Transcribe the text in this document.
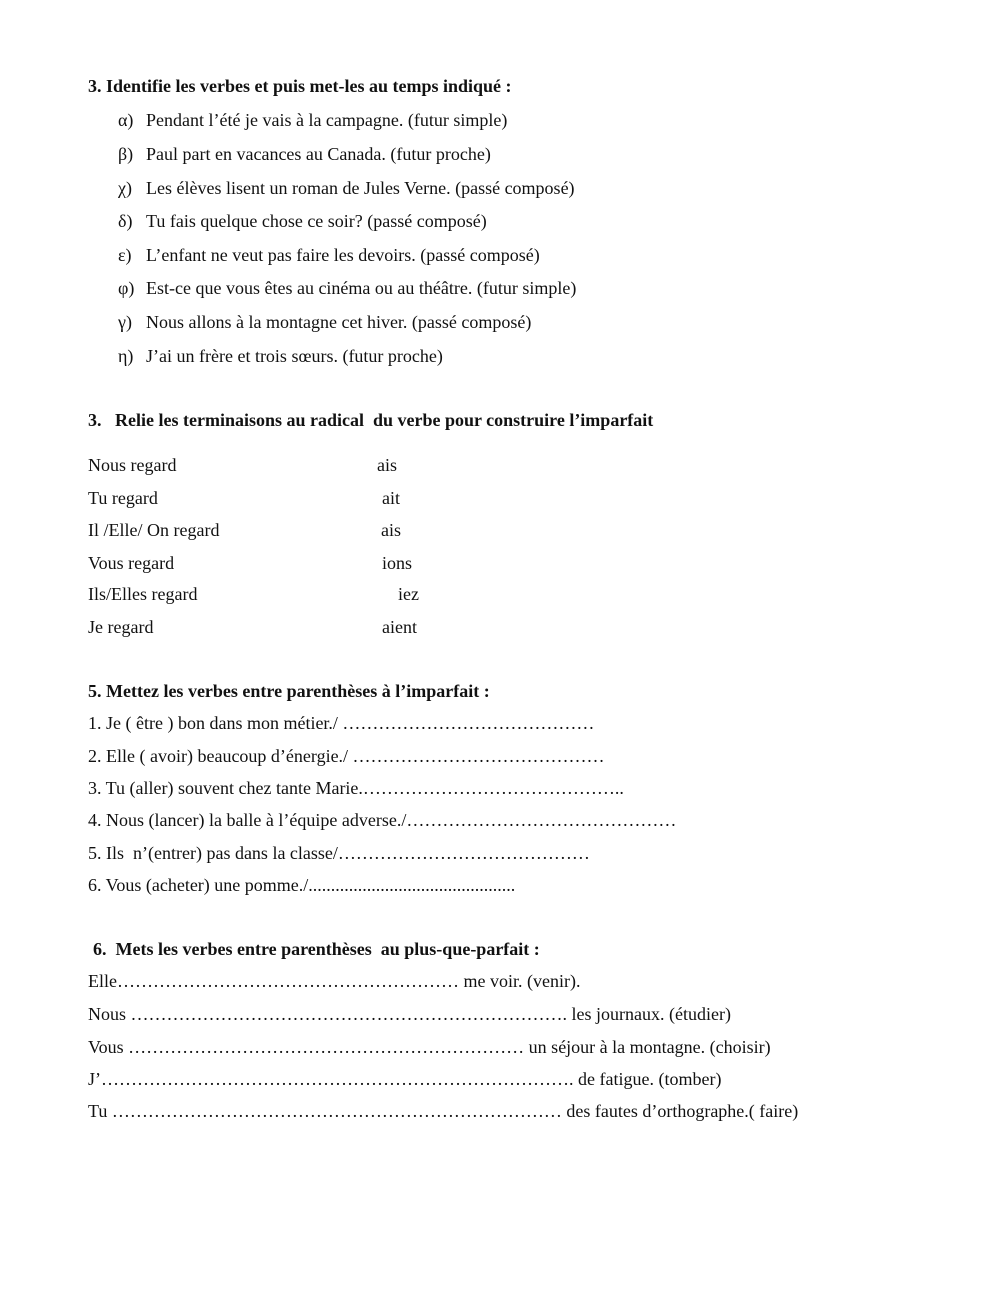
3. Identifie les verbes et puis met-les au temps indiqué :
α) Pendant l’été je vais à la campagne. (futur simple)
β) Paul part en vacances au Canada. (futur proche)
χ) Les élèves lisent un roman de Jules Verne. (passé composé)
δ) Tu fais quelque chose ce soir? (passé composé)
ε) L’enfant ne veut pas faire les devoirs. (passé composé)
φ) Est-ce que vous êtes au cinéma ou au théâtre. (futur simple)
γ) Nous allons à la montagne cet hiver. (passé composé)
η) J’ai un frère et trois sœurs. (futur proche)
3.   Relie les terminaisons au radical  du verbe pour construire l’imparfait
Nous regard
Tu regard
Il /Elle/ On regard
Vous regard
Ils/Elles regard
Je regard
ais
ait
ais
ions
iez
aient
5. Mettez les verbes entre parenthèses à l’imparfait :
1. Je ( être ) bon dans mon métier./ ……………………………………
2. Elle ( avoir) beaucoup d’énergie./ ……………………………………
3. Tu (aller) souvent chez tante Marie.……………………………………..
4. Nous (lancer) la balle à l’équipe adverse./………………………………………
5. Ils  n’(entrer) pas dans la classe/……………………………………
6. Vous (acheter) une pomme./..............................................
6.  Mets les verbes entre parenthèses  au plus-que-parfait :
Elle………………………………………………… me voir. (venir).
Nous ………………………………………………………………. les journaux. (étudier)
Vous ………………………………………………………… un séjour à la montagne. (choisir)
J’……………………………………………………………………. de fatigue. (tomber)
Tu ………………………………………………………………… des fautes d’orthographe.( faire)
